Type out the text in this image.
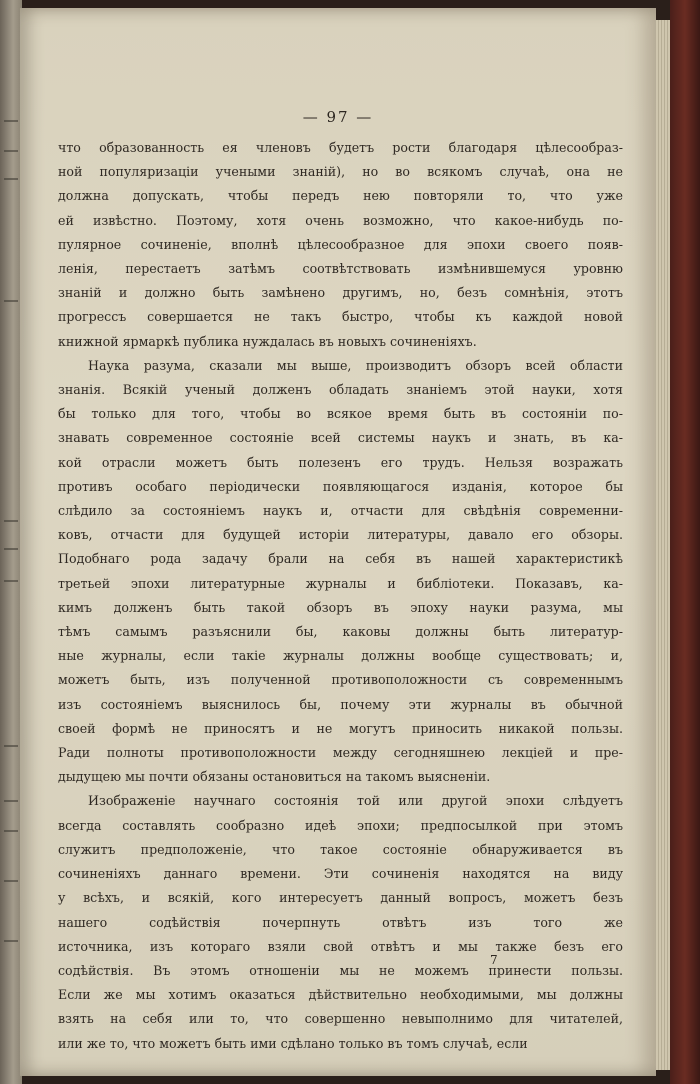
— 97 —

что образованность ея членовъ будетъ рости благодаря цѣлесообраз-
ной популяризаціи учеными знаній), но во всякомъ случаѣ, она не
должна допускать, чтобы передъ нею повторяли то, что уже
ей извѣстно. Поэтому, хотя очень возможно, что какое-нибудь по-
пулярное сочиненіе, вполнѣ цѣлесообразное для эпохи своего появ-
ленія, перестаетъ затѣмъ соотвѣтствовать измѣнившемуся уровню
знаній и должно быть замѣнено другимъ, но, безъ сомнѣнія, этотъ
прогрессъ совершается не такъ быстро, чтобы къ каждой новой
книжной ярмаркѣ публика нуждалась въ новыхъ сочиненіяхъ.

Наука разума, сказали мы выше, производитъ обзоръ всей области
знанія. Всякій ученый долженъ обладать знаніемъ этой науки, хотя
бы только для того, чтобы во всякое время быть въ состояніи по-
знавать современное состояніе всей системы наукъ и знать, въ ка-
кой отрасли можетъ быть полезенъ его трудъ. Нельзя возражать
противъ особаго періодически появляющагося изданія, которое бы
слѣдило за состояніемъ наукъ и, отчасти для свѣдѣнія современни-
ковъ, отчасти для будущей исторіи литературы, давало его обзоры.
Подобнаго рода задачу брали на себя въ нашей характеристикѣ
третьей эпохи литературные журналы и библіотеки. Показавъ, ка-
кимъ долженъ быть такой обзоръ въ эпоху науки разума, мы
тѣмъ самымъ разъяснили бы, каковы должны быть литератур-
ные журналы, если такіе журналы должны вообще существовать; и,
можетъ быть, изъ полученной противоположности съ современнымъ
изъ состояніемъ выяснилось бы, почему эти журналы въ обычной
своей формѣ не приносятъ и не могутъ приносить никакой пользы.
Ради полноты противоположности между сегодняшнею лекціей и пре-
дыдущею мы почти обязаны остановиться на такомъ выясненіи.

Изображеніе научнаго состоянія той или другой эпохи слѣдуетъ
всегда составлять сообразно идеѣ эпохи; предпосылкой при этомъ
служитъ предположеніе, что такое состояніе обнаруживается въ
сочиненіяхъ даннаго времени. Эти сочиненія находятся на виду
у всѣхъ, и всякій, кого интересуетъ данный вопросъ, можетъ безъ
нашего содѣйствія почерпнуть отвѣтъ изъ того же
источника, изъ котораго взяли свой отвѣтъ и мы также безъ его
содѣйствія. Въ этомъ отношеніи мы не можемъ принести пользы.
Если же мы хотимъ оказаться дѣйствительно необходимыми, мы должны
взять на себя или то, что совершенно невыполнимо для читателей,
или же то, что можетъ быть ими сдѣлано только въ томъ случаѣ, если

7
